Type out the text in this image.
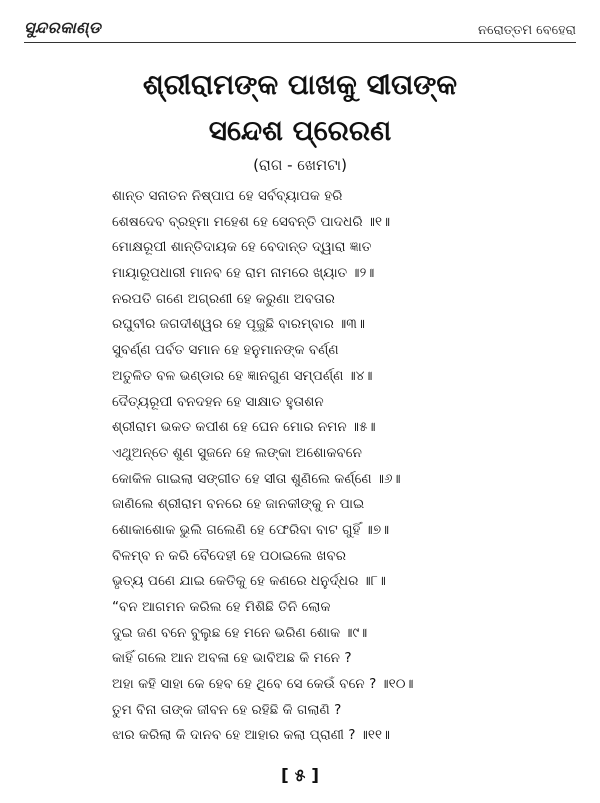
ସୁନ୍ଦରକାଣ୍ଡ	ନରୋତ୍ତମ ବେହେରା
ଶ୍ରୀରାମଙ୍କ ପାଖକୁ ସୀତାଙ୍କ
ସନ୍ଦେଶ ପ୍ରେରଣ
(ରାଗ - ଖେମଟା)
ଶାନ୍ତ ସନାତନ ନିଷ୍ପାପ ହେ ସର୍ବବ୍ୟାପକ ହରି
ଶେଷଦେବ ବ୍ରହ୍ମା ମହେଶ ହେ ସେବନ୍ତି ପାଦଧରି ॥୧॥
ମୋକ୍ଷରୂପୀ ଶାନ୍ତିଦାୟକ ହେ ବେଦାନ୍ତ ଦ୍ୱାରା ଜ୍ଞାତ
ମାୟାରୂପଧାରୀ ମାନବ ହେ ରାମ ନାମରେ ଖ୍ୟାତ ॥୨॥
ନରପତି ଗଣେ ଅଗ୍ରଣୀ ହେ କରୁଣା ଅବତାର
ରଘୁବୀର ଜଗଦୀଶ୍ୱର ହେ ପୂଜୁଛି ବାରମ୍ବାର ॥୩॥
ସୁବର୍ଣ୍ଣ ପର୍ବତ ସମାନ ହେ ହନୁମାନଙ୍କ ବର୍ଣ୍ଣ
ଅତୁଳିତ ବଳ ଭଣ୍ଡାର ହେ ଜ୍ଞାନଗୁଣ ସମ୍ପର୍ଣ୍ଣ ॥୪॥
ଦୈତ୍ୟରୂପୀ ବନଦହନ ହେ ସାକ୍ଷାତ ହୁତାଶନ
ଶ୍ରୀରାମ ଭକତ କପୀଶ ହେ ଘେନ ମୋର ନମନ ॥୫॥
ଏଥୁଅନ୍ତେ ଶୁଣ ସୁଜନେ ହେ ଲଙ୍କା ଅଶୋକବନେ
କୋକିଳ ଗାଇଲା ସଙ୍ଗୀତ ହେ ସୀତା ଶୁଣିଲେ କର୍ଣ୍ଣେ ॥୬॥
ଜାଣିଲେ ଶ୍ରୀରାମ ବନରେ ହେ ଜାନକୀଙ୍କୁ ନ ପାଇ
ଶୋକାଶୋକ ଭୁଲି ଗଲେଣି ହେ ଫେରିବା ବାଟ ଗୁହିଁ ॥୭॥
ବିଳମ୍ବ ନ କରି ବୈଦେହୀ ହେ ପଠାଇଲେ ଖବର
ଭୃତ୍ୟ ପଣେ ଯାଇ କେତିକୁ ହେ କଣରେ ଧନୁର୍ଦ୍ଧର ॥୮॥
“ବନ ଆଗମନ କରିଲ ହେ ମିଶିଛି ତିନି ଲୋକ
ଦୁଇ ଜଣ ବନେ ବୁଲୁଛ ହେ ମନେ ଭରିଣ ଶୋକ ॥୯॥
କାହିଁ ଗଲେ ଆନ ଅବଳା ହେ ଭାବିଅଛ କି ମନେ ?
ଅହା କହି ସାହା କେ ହେବ ହେ ଥିବେ ସେ କେଉଁ ବନେ ? ॥୧୦॥
ତୁମ ବିନା ତାଙ୍କ ଜୀବନ ହେ ରହିଛି କି ଗଲାଣି ?
ଝାର କରିଲା କି ଦାନବ ହେ ଆହାର କଲା ପ୍ରାଣୀ ? ॥୧୧॥
[ ୫ ]
